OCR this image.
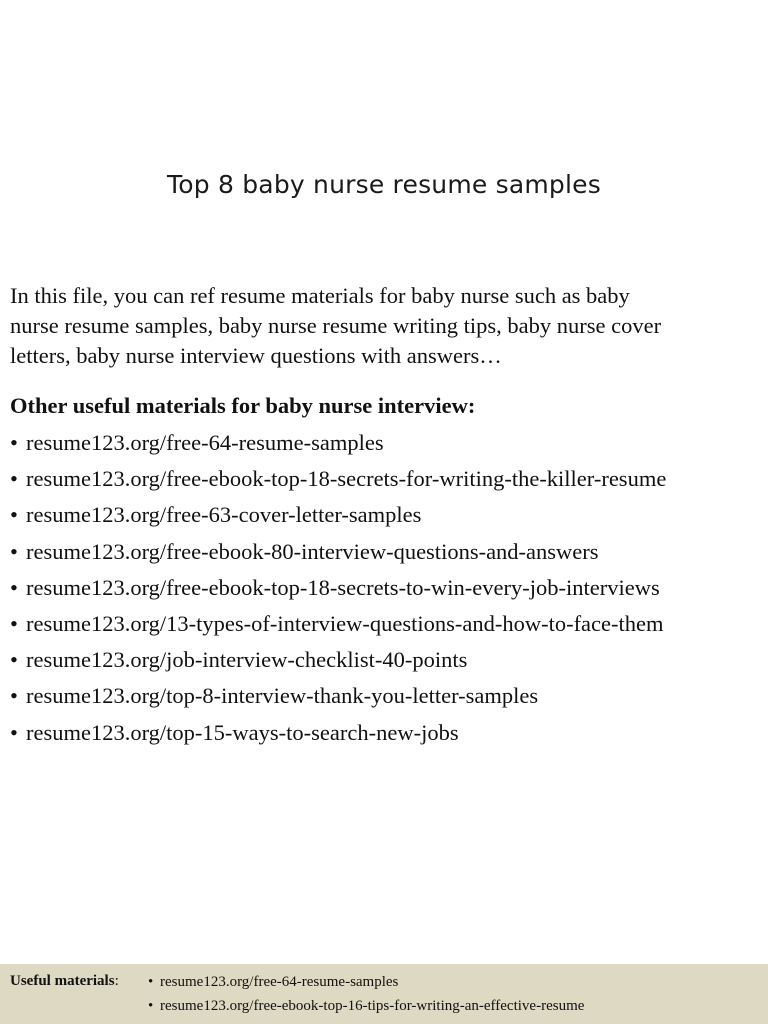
Top 8 baby nurse resume samples

In this file, you can ref resume materials for baby nurse such as baby
nurse resume samples, baby nurse resume writing tips, baby nurse cover
letters, baby nurse interview questions with answers…

Other useful materials for baby nurse interview:

• resume123.org/free-64-resume-samples
• resume123.org/free-ebook-top-18-secrets-for-writing-the-killer-resume
• resume123.org/free-63-cover-letter-samples
• resume123.org/free-ebook-80-interview-questions-and-answers
• resume123.org/free-ebook-top-18-secrets-to-win-every-job-interviews
• resume123.org/13-types-of-interview-questions-and-how-to-face-them
• resume123.org/job-interview-checklist-40-points
• resume123.org/top-8-interview-thank-you-letter-samples
• resume123.org/top-15-ways-to-search-new-jobs
Useful materials: • resume123.org/free-64-resume-samples
• resume123.org/free-ebook-top-16-tips-for-writing-an-effective-resume
